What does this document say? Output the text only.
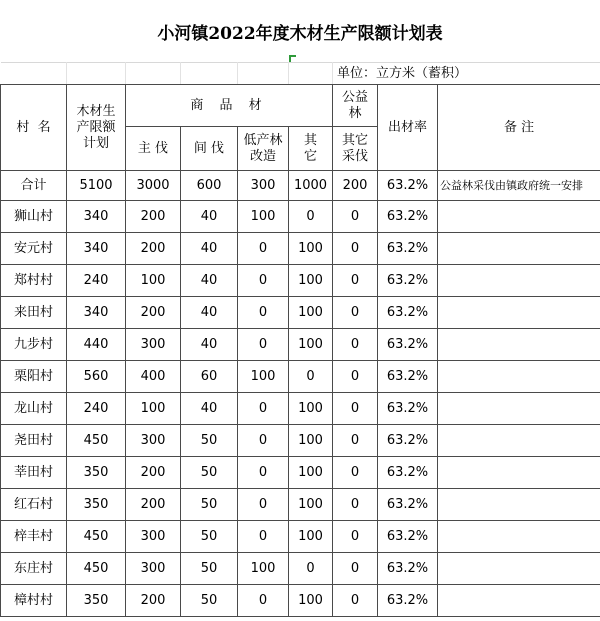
小河镇2022年度木材生产限额计划表
						单位：立方米（蓄积）		
村  名	木材生产限额计划	商 品 材				公益林	出材率	备 注
		主 伐	间 伐	低产林改造	其 它	其它采伐		
合计	5100	3000	600	300	1000	200	63.2%	公益林采伐由镇政府统一安排
狮山村	340	200	40	100	0	0	63.2%	
安元村	340	200	40	0	100	0	63.2%	
郑村村	240	100	40	0	100	0	63.2%	
来田村	340	200	40	0	100	0	63.2%	
九步村	440	300	40	0	100	0	63.2%	
栗阳村	560	400	60	100	0	0	63.2%	
龙山村	240	100	40	0	100	0	63.2%	
尧田村	450	300	50	0	100	0	63.2%	
莘田村	350	200	50	0	100	0	63.2%	
红石村	350	200	50	0	100	0	63.2%	
梓丰村	450	300	50	0	100	0	63.2%	
东庄村	450	300	50	100	0	0	63.2%	
樟村村	350	200	50	0	100	0	63.2%	
